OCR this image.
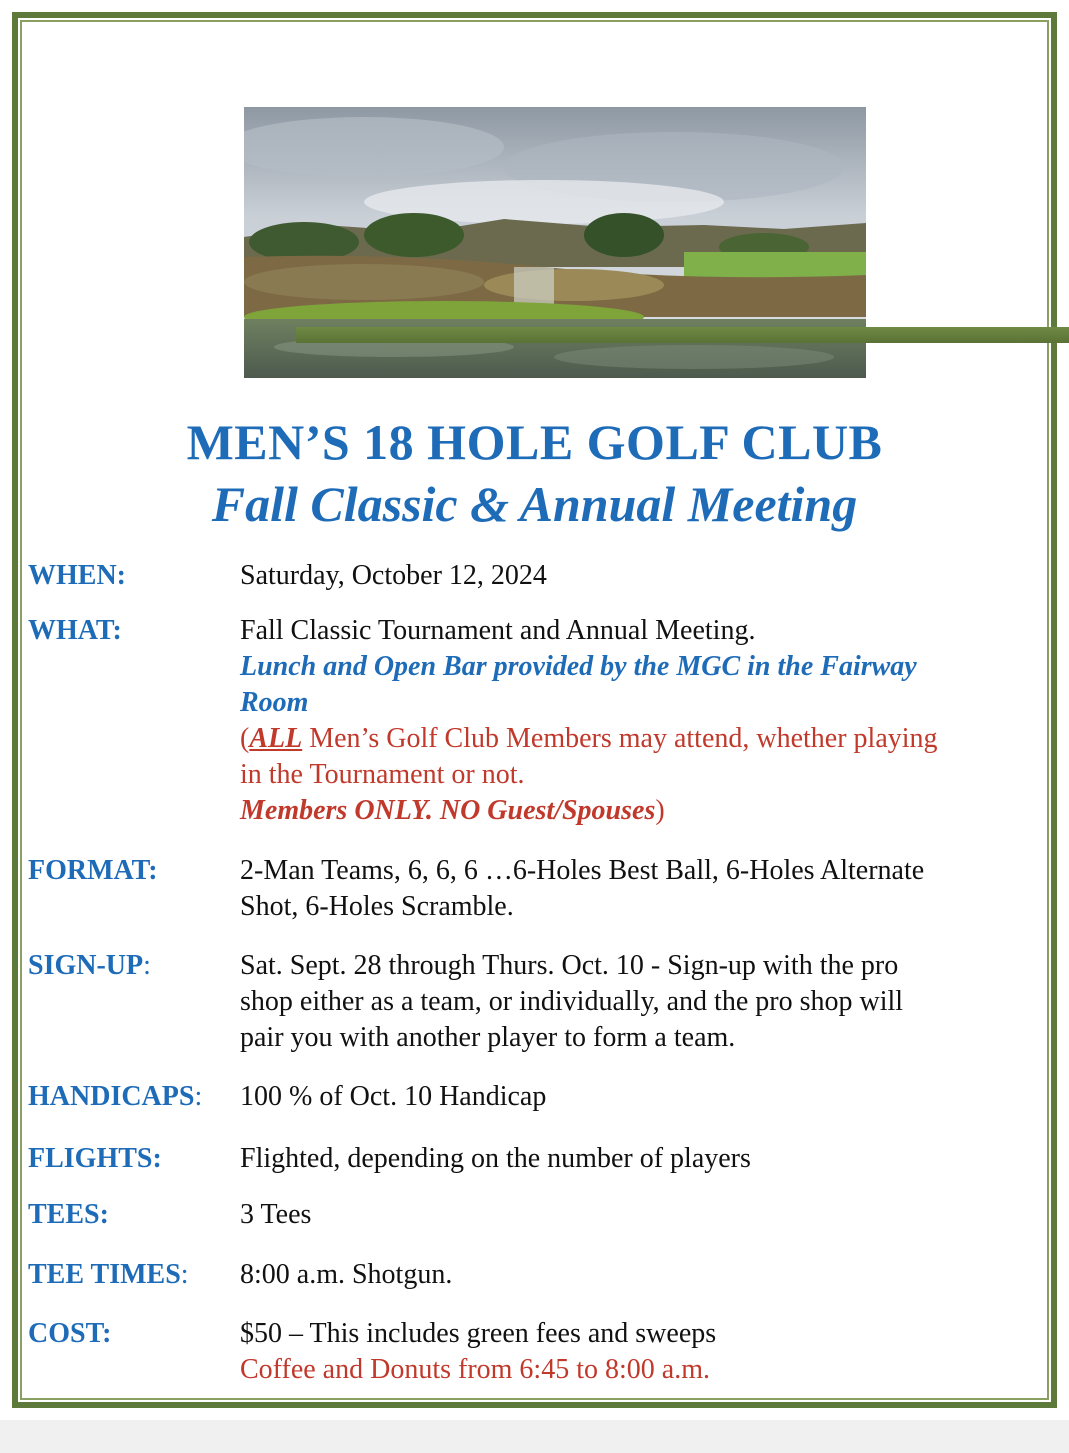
MEN’S 18 HOLE GOLF CLUB
Fall Classic & Annual Meeting
WHEN:	Saturday, October 12, 2024
WHAT:	Fall Classic Tournament and Annual Meeting.
Lunch and Open Bar provided by the MGC in the Fairway
Room
(ALL Men’s Golf Club Members may attend, whether playing
in the Tournament or not.
Members ONLY. NO Guest/Spouses)
FORMAT:	2-Man Teams, 6, 6, 6 …6-Holes Best Ball, 6-Holes Alternate
Shot, 6-Holes Scramble.
SIGN-UP:	Sat. Sept. 28 through Thurs. Oct. 10 - Sign-up with the pro
shop either as a team, or individually, and the pro shop will
pair you with another player to form a team.
HANDICAPS: 100 % of Oct. 10 Handicap
FLIGHTS:	Flighted, depending on the number of players
TEES:	3 Tees
TEE TIMES: 8:00 a.m. Shotgun.
COST:	$50 – This includes green fees and sweeps
Coffee and Donuts from 6:45 to 8:00 a.m.
